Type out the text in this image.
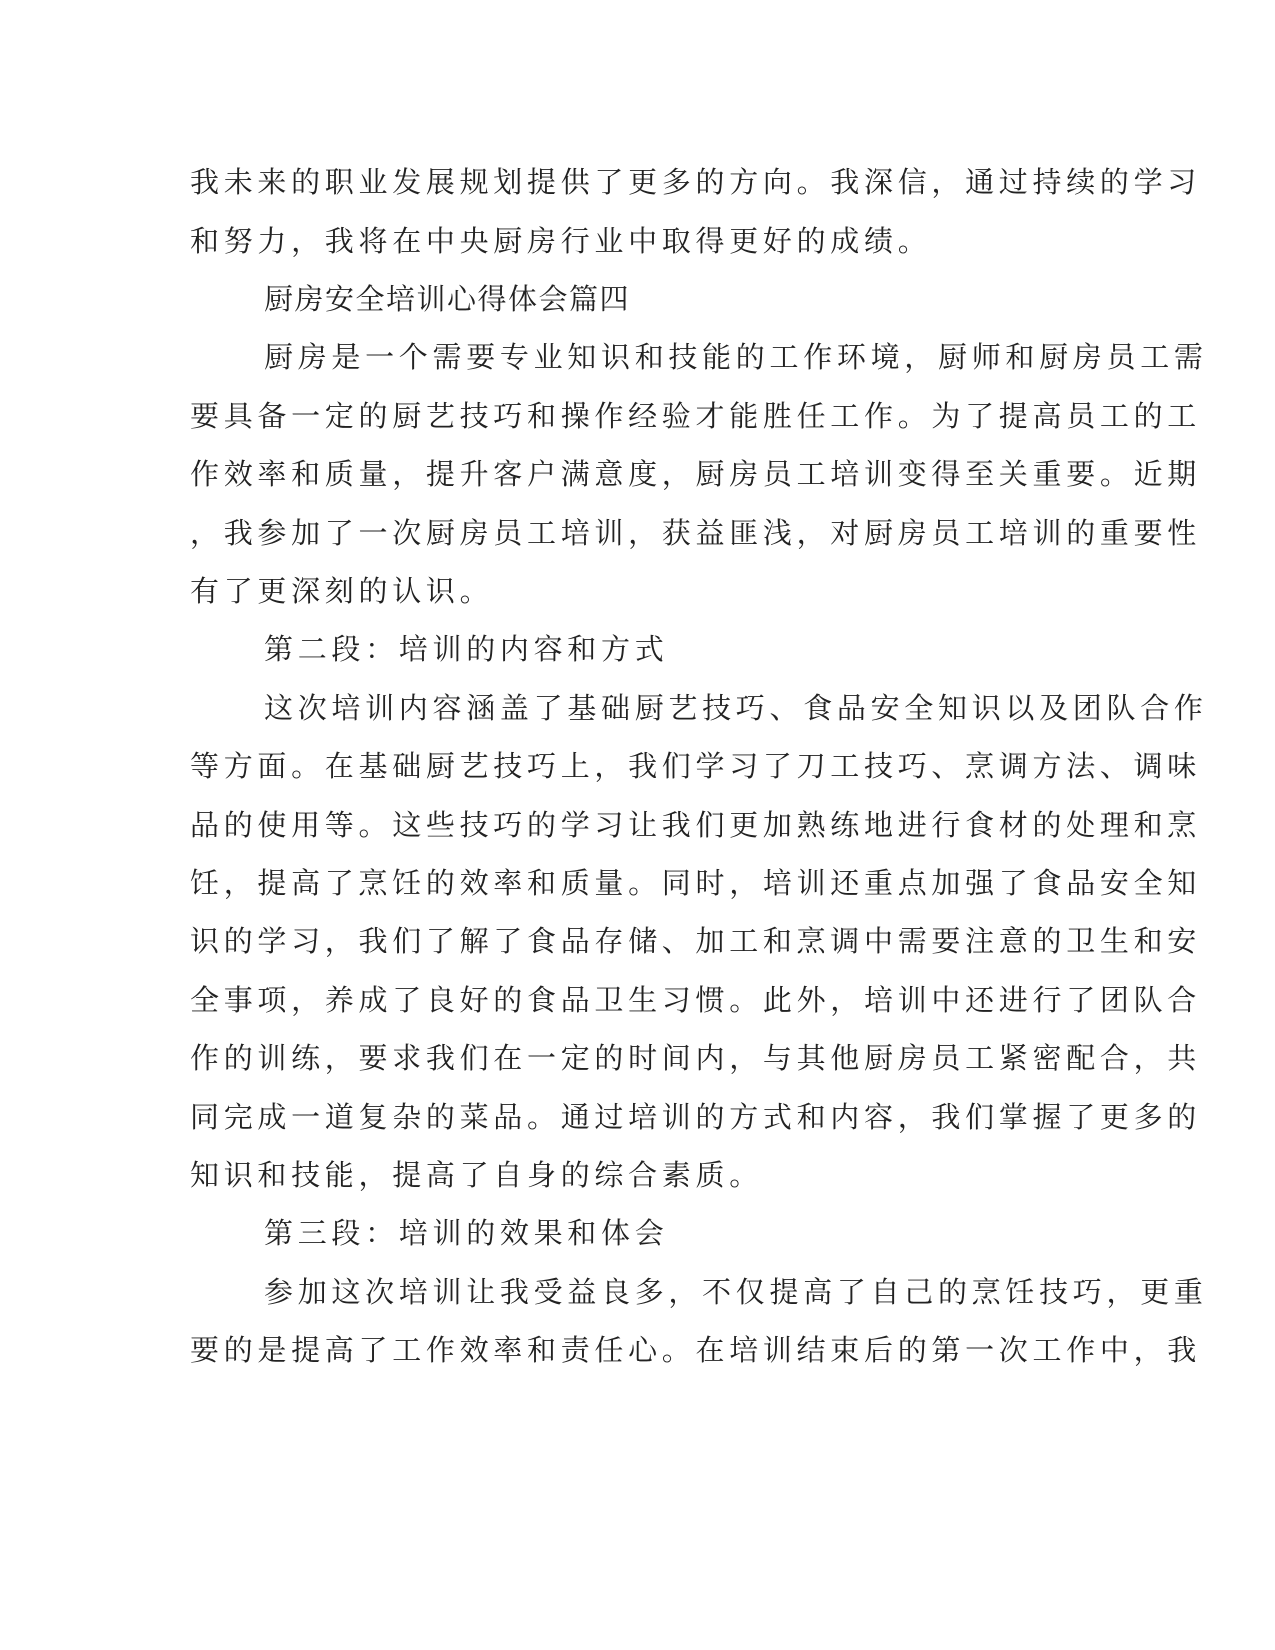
我未来的职业发展规划提供了更多的方向。我深信，通过持续的学习

和努力，我将在中央厨房行业中取得更好的成绩。

厨房安全培训心得体会篇四

厨房是一个需要专业知识和技能的工作环境，厨师和厨房员工需

要具备一定的厨艺技巧和操作经验才能胜任工作。为了提高员工的工

作效率和质量，提升客户满意度，厨房员工培训变得至关重要。近期

，我参加了一次厨房员工培训，获益匪浅，对厨房员工培训的重要性

有了更深刻的认识。

第二段：培训的内容和方式

这次培训内容涵盖了基础厨艺技巧、食品安全知识以及团队合作

等方面。在基础厨艺技巧上，我们学习了刀工技巧、烹调方法、调味

品的使用等。这些技巧的学习让我们更加熟练地进行食材的处理和烹

饪，提高了烹饪的效率和质量。同时，培训还重点加强了食品安全知

识的学习，我们了解了食品存储、加工和烹调中需要注意的卫生和安

全事项，养成了良好的食品卫生习惯。此外，培训中还进行了团队合

作的训练，要求我们在一定的时间内，与其他厨房员工紧密配合，共

同完成一道复杂的菜品。通过培训的方式和内容，我们掌握了更多的

知识和技能，提高了自身的综合素质。

第三段：培训的效果和体会

参加这次培训让我受益良多，不仅提高了自己的烹饪技巧，更重

要的是提高了工作效率和责任心。在培训结束后的第一次工作中，我
